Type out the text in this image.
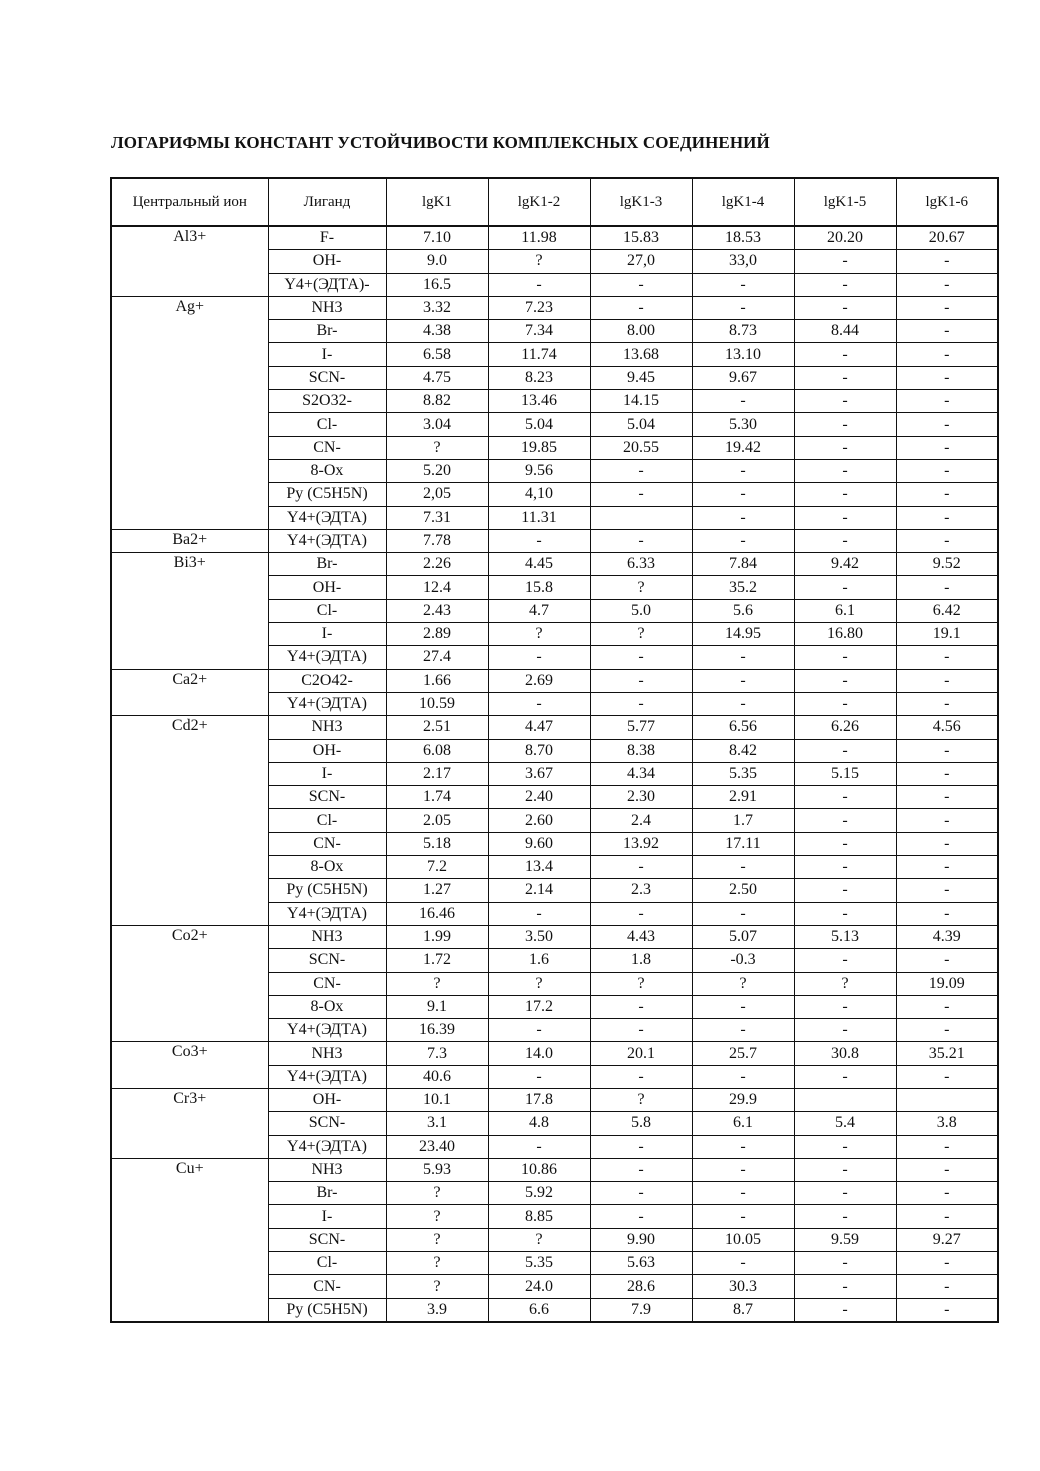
ЛОГАРИФМЫ КОНСТАНТ УСТОЙЧИВОСТИ КОМПЛЕКСНЫХ СОЕДИНЕНИЙ
Центральный ион	Лиганд	lgK1	lgK1-2	lgK1-3	lgK1-4	lgK1-5	lgK1-6
Al3+	F-	7.10	11.98	15.83	18.53	20.20	20.67
	OH-	9.0	?	27,0	33,0	-	-
	Y4+(ЭДТА)-	16.5	-	-	-	-	-
Ag+	NH3	3.32	7.23	-	-	-	-
	Br-	4.38	7.34	8.00	8.73	8.44	-
	I-	6.58	11.74	13.68	13.10	-	-
	SCN-	4.75	8.23	9.45	9.67	-	-
	S2O32-	8.82	13.46	14.15	-	-	-
	Cl-	3.04	5.04	5.04	5.30	-	-
	CN-	?	19.85	20.55	19.42	-	-
	8-Ox	5.20	9.56	-	-	-	-
	Py (C5H5N)	2,05	4,10	-	-	-	-
	Y4+(ЭДТА)	7.31	11.31		-	-	-
Ba2+	Y4+(ЭДТА)	7.78	-	-	-	-	-
Bi3+	Br-	2.26	4.45	6.33	7.84	9.42	9.52
	OH-	12.4	15.8	?	35.2	-	-
	Cl-	2.43	4.7	5.0	5.6	6.1	6.42
	I-	2.89	?	?	14.95	16.80	19.1
	Y4+(ЭДТА)	27.4	-	-	-	-	-
Ca2+	C2O42-	1.66	2.69	-	-	-	-
	Y4+(ЭДТА)	10.59	-	-	-	-	-
Cd2+	NH3	2.51	4.47	5.77	6.56	6.26	4.56
	OH-	6.08	8.70	8.38	8.42	-	-
	I-	2.17	3.67	4.34	5.35	5.15	-
	SCN-	1.74	2.40	2.30	2.91	-	-
	Cl-	2.05	2.60	2.4	1.7	-	-
	CN-	5.18	9.60	13.92	17.11	-	-
	8-Ox	7.2	13.4	-	-	-	-
	Py (C5H5N)	1.27	2.14	2.3	2.50	-	-
	Y4+(ЭДТА)	16.46	-	-	-	-	-
Co2+	NH3	1.99	3.50	4.43	5.07	5.13	4.39
	SCN-	1.72	1.6	1.8	-0.3	-	-
	CN-	?	?	?	?	?	19.09
	8-Ox	9.1	17.2	-	-	-	-
	Y4+(ЭДТА)	16.39	-	-	-	-	-
Co3+	NH3	7.3	14.0	20.1	25.7	30.8	35.21
	Y4+(ЭДТА)	40.6	-	-	-	-	-
Cr3+	OH-	10.1	17.8	?	29.9		
	SCN-	3.1	4.8	5.8	6.1	5.4	3.8
	Y4+(ЭДТА)	23.40	-	-	-	-	-
Cu+	NH3	5.93	10.86	-	-	-	-
	Br-	?	5.92	-	-	-	-
	I-	?	8.85	-	-	-	-
	SCN-	?	?	9.90	10.05	9.59	9.27
	Cl-	?	5.35	5.63	-	-	-
	CN-	?	24.0	28.6	30.3	-	-
	Py (C5H5N)	3.9	6.6	7.9	8.7	-	-
